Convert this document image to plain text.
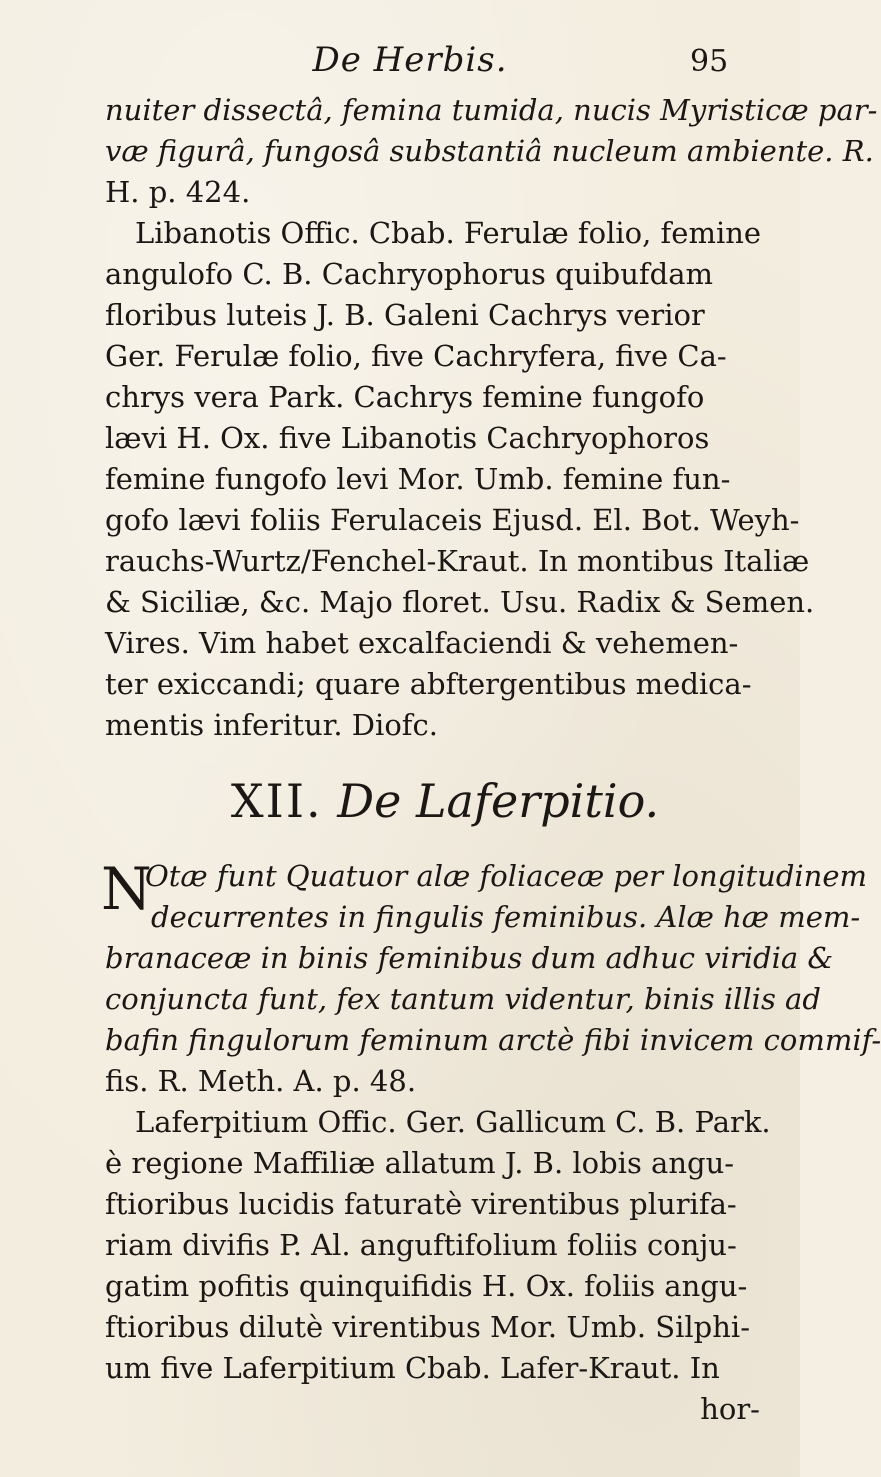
De Herbis.	95
nuiter dissectâ, femina tumida, nucis Myristicæ par-
væ figurâ, fungosâ substantiâ nucleum ambiente. R.
H. p. 424.
Libanotis Offic. Cbab. Ferulæ folio, femine
angulofo C. B. Cachryophorus quibufdam
floribus luteis J. B. Galeni Cachrys verior
Ger. Ferulæ folio, five Cachryfera, five Ca-
chrys vera Park. Cachrys femine fungofo
lævi H. Ox. five Libanotis Cachryophoros
femine fungofo levi Mor. Umb. femine fun-
gofo lævi foliis Ferulaceis Ejusd. El. Bot. Weyh-
rauchs-Wurtz/Fenchel-Kraut. In montibus Italiæ
& Siciliæ, &c. Majo floret. Usu. Radix & Semen.
Vires. Vim habet excalfaciendi & vehemen-
ter exiccandi; quare abftergentibus medica-
mentis inferitur. Diofc.
XII. De Laferpitio.
N
Otæ funt Quatuor alæ foliaceæ per longitudinem
decurrentes in fingulis feminibus. Alæ hæ mem-
branaceæ in binis feminibus dum adhuc viridia &
conjuncta funt, fex tantum videntur, binis illis ad
bafin fingulorum feminum arctè fibi invicem commif-
fis. R. Meth. A. p. 48.
Laferpitium Offic. Ger. Gallicum C. B. Park.
è regione Maffiliæ allatum J. B. lobis angu-
ftioribus lucidis faturatè virentibus plurifa-
riam divifis P. Al. anguftifolium foliis conju-
gatim pofitis quinquifidis H. Ox. foliis angu-
ftioribus dilutè virentibus Mor. Umb. Silphi-
um five Laferpitium Cbab. Lafer-Kraut. In
hor-
